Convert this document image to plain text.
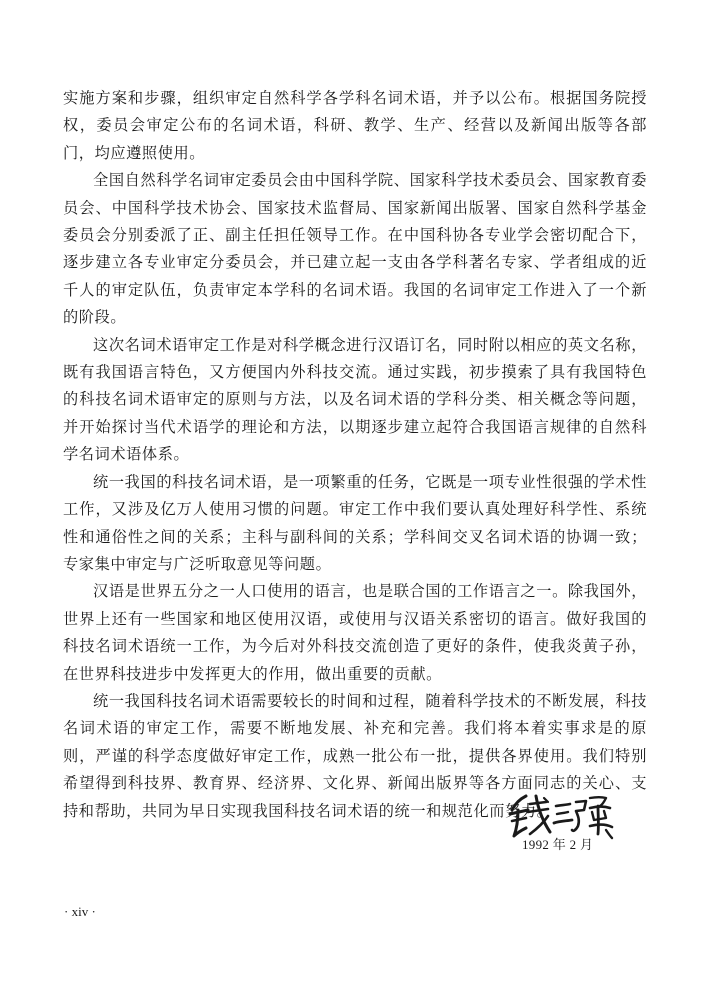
实施方案和步骤，组织审定自然科学各学科名词术语，并予以公布。根据国务院授权，委员会审定公布的名词术语，科研、教学、生产、经营以及新闻出版等各部门，均应遵照使用。

全国自然科学名词审定委员会由中国科学院、国家科学技术委员会、国家教育委员会、中国科学技术协会、国家技术监督局、国家新闻出版署、国家自然科学基金委员会分别委派了正、副主任担任领导工作。在中国科协各专业学会密切配合下，逐步建立各专业审定分委员会，并已建立起一支由各学科著名专家、学者组成的近千人的审定队伍，负责审定本学科的名词术语。我国的名词审定工作进入了一个新的阶段。

这次名词术语审定工作是对科学概念进行汉语订名，同时附以相应的英文名称，既有我国语言特色，又方便国内外科技交流。通过实践，初步摸索了具有我国特色的科技名词术语审定的原则与方法，以及名词术语的学科分类、相关概念等问题，并开始探讨当代术语学的理论和方法，以期逐步建立起符合我国语言规律的自然科学名词术语体系。

统一我国的科技名词术语，是一项繁重的任务，它既是一项专业性很强的学术性工作，又涉及亿万人使用习惯的问题。审定工作中我们要认真处理好科学性、系统性和通俗性之间的关系；主科与副科间的关系；学科间交叉名词术语的协调一致；专家集中审定与广泛听取意见等问题。

汉语是世界五分之一人口使用的语言，也是联合国的工作语言之一。除我国外，世界上还有一些国家和地区使用汉语，或使用与汉语关系密切的语言。做好我国的科技名词术语统一工作，为今后对外科技交流创造了更好的条件，使我炎黄子孙，在世界科技进步中发挥更大的作用，做出重要的贡献。

统一我国科技名词术语需要较长的时间和过程，随着科学技术的不断发展，科技名词术语的审定工作，需要不断地发展、补充和完善。我们将本着实事求是的原则，严谨的科学态度做好审定工作，成熟一批公布一批，提供各界使用。我们特别希望得到科技界、教育界、经济界、文化界、新闻出版界等各方面同志的关心、支持和帮助，共同为早日实现我国科技名词术语的统一和规范化而努力。

1992 年 2 月
· xiv ·
